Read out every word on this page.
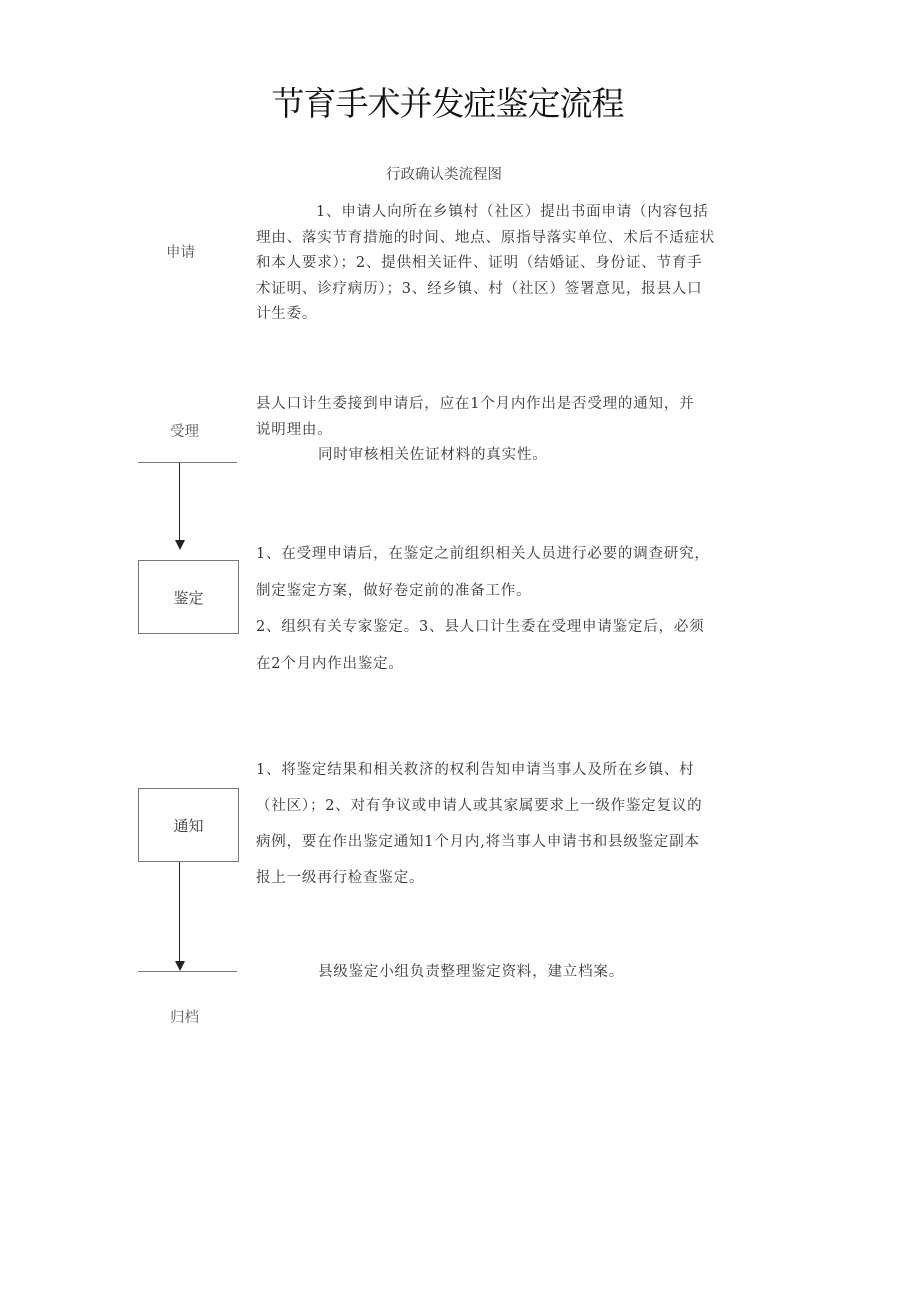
节育手术并发症鉴定流程
行政确认类流程图
申请

1、申请人向所在乡镇村（社区）提出书面申请（内容包括

理由、落实节育措施的时间、地点、原指导落实单位、术后不适症状

和本人要求）；2、提供相关证件、证明（结婚证、身份证、节育手

术证明、诊疗病历）；3、经乡镇、村（社区）签署意见，报县人口

计生委。

受理

县人口计生委接到申请后，应在1个月内作出是否受理的通知，并

说明理由。

同时审核相关佐证材料的真实性。

鉴定

1、在受理申请后，在鉴定之前组织相关人员进行必要的调查研究，

制定鉴定方案，做好卷定前的准备工作。

2、组织有关专家鉴定。3、县人口计生委在受理申请鉴定后，必须

在2个月内作出鉴定。

通知

1、将鉴定结果和相关救济的权利告知申请当事人及所在乡镇、村

（社区）；2、对有争议或申请人或其家属要求上一级作鉴定复议的

病例，要在作出鉴定通知1个月内,将当事人申请书和县级鉴定副本

报上一级再行检查鉴定。

归档

县级鉴定小组负责整理鉴定资料，建立档案。
